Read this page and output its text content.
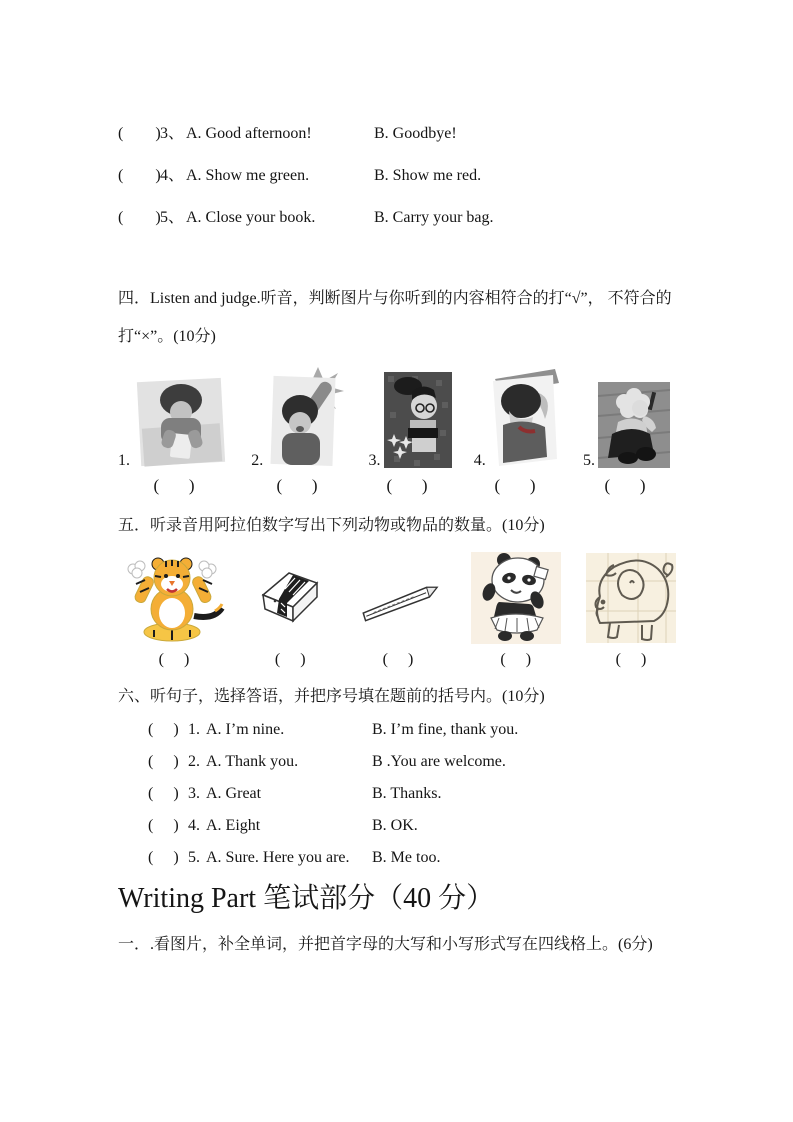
(        ) 3、 A. Good afternoon!	B. Goodbye!
(        ) 4、 A. Show me green.	B. Show me red.
(        ) 5、 A. Close your book.	B. Carry your bag.
四．Listen and judge.听音，判断图片与你听到的内容相符合的打“√”， 不符合的
打“×”。(10分)
1.	2.	3.	4.	5.
(       )	(       )	(       )	(       )	(       )
五．听录音用阿拉伯数字写出下列动物或物品的数量。(10分)
(     )	(     )	(     )	(     )	(     )
六、听句子，选择答语，并把序号填在题前的括号内。(10分)
(     ) 1. A. I’m nine.	B. I’m fine, thank you.
(     ) 2. A. Thank you.	B .You are welcome.
(     ) 3. A. Great	B. Thanks.
(     ) 4. A. Eight	B. OK.
(     ) 5. A. Sure. Here you are. B. Me too.
Writing Part 笔试部分（40 分）
一．.看图片，补全单词，并把首字母的大写和小写形式写在四线格上。(6分)
